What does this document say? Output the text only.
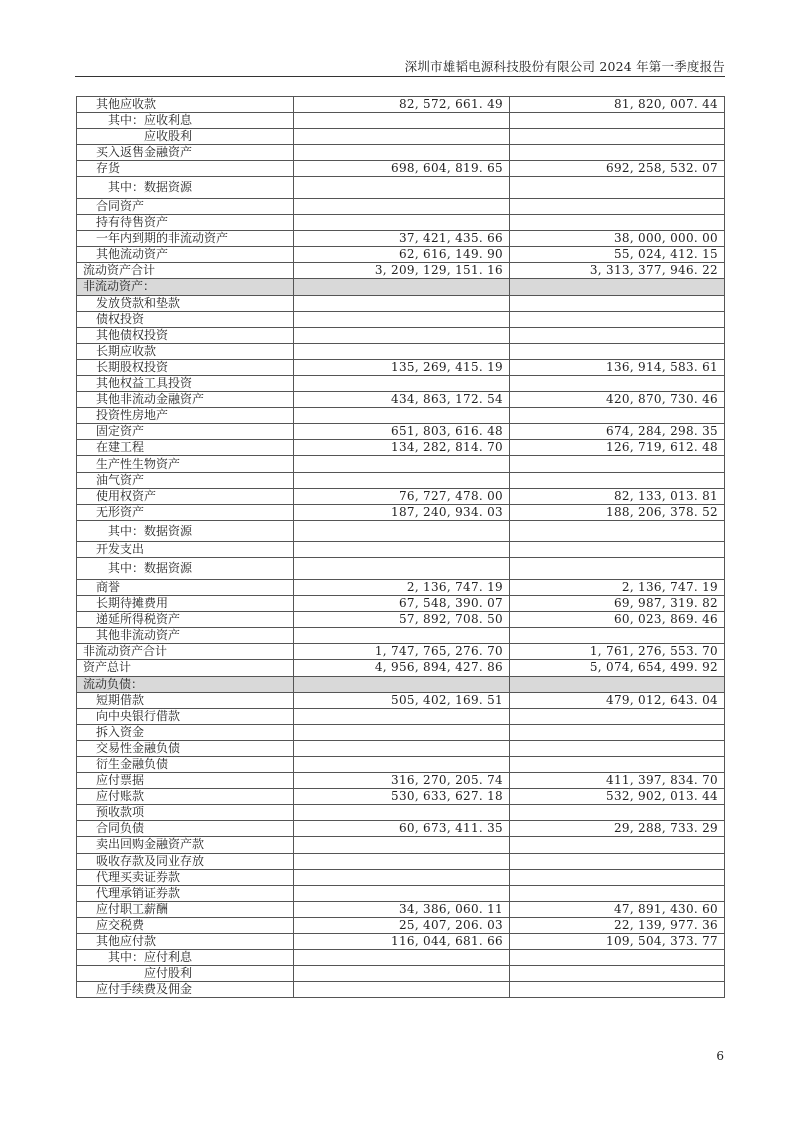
深圳市雄韬电源科技股份有限公司 2024 年第一季度报告
其他应收款	82, 572, 661. 49	81, 820, 007. 44
其中：应收利息		
应收股利		
买入返售金融资产		
存货	698, 604, 819. 65	692, 258, 532. 07
其中：数据资源		
合同资产		
持有待售资产		
一年内到期的非流动资产	37, 421, 435. 66	38, 000, 000. 00
其他流动资产	62, 616, 149. 90	55, 024, 412. 15
流动资产合计	3, 209, 129, 151. 16	3, 313, 377, 946. 22
非流动资产：		
发放贷款和垫款		
债权投资		
其他债权投资		
长期应收款		
长期股权投资	135, 269, 415. 19	136, 914, 583. 61
其他权益工具投资		
其他非流动金融资产	434, 863, 172. 54	420, 870, 730. 46
投资性房地产		
固定资产	651, 803, 616. 48	674, 284, 298. 35
在建工程	134, 282, 814. 70	126, 719, 612. 48
生产性生物资产		
油气资产		
使用权资产	76, 727, 478. 00	82, 133, 013. 81
无形资产	187, 240, 934. 03	188, 206, 378. 52
其中：数据资源		
开发支出		
其中：数据资源		
商誉	2, 136, 747. 19	2, 136, 747. 19
长期待摊费用	67, 548, 390. 07	69, 987, 319. 82
递延所得税资产	57, 892, 708. 50	60, 023, 869. 46
其他非流动资产		
非流动资产合计	1, 747, 765, 276. 70	1, 761, 276, 553. 70
资产总计	4, 956, 894, 427. 86	5, 074, 654, 499. 92
流动负债：		
短期借款	505, 402, 169. 51	479, 012, 643. 04
向中央银行借款		
拆入资金		
交易性金融负债		
衍生金融负债		
应付票据	316, 270, 205. 74	411, 397, 834. 70
应付账款	530, 633, 627. 18	532, 902, 013. 44
预收款项		
合同负债	60, 673, 411. 35	29, 288, 733. 29
卖出回购金融资产款		
吸收存款及同业存放		
代理买卖证券款		
代理承销证券款		
应付职工薪酬	34, 386, 060. 11	47, 891, 430. 60
应交税费	25, 407, 206. 03	22, 139, 977. 36
其他应付款	116, 044, 681. 66	109, 504, 373. 77
其中：应付利息		
应付股利		
应付手续费及佣金		
6
